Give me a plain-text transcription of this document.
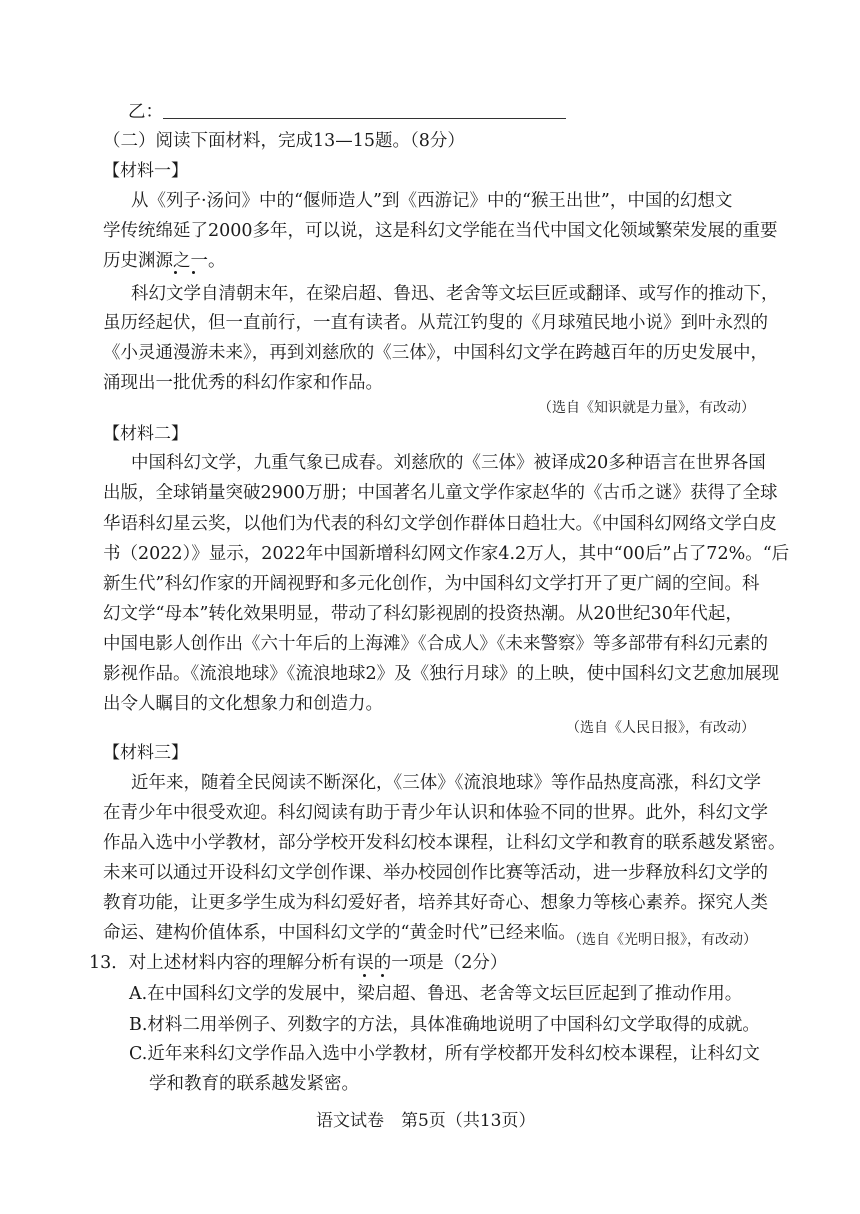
乙：
（二）阅读下面材料，完成13—15题。（8分）
【材料一】
从《列子·汤问》中的“偃师造人”到《西游记》中的“猴王出世”，中国的幻想文
学传统绵延了2000多年，可以说，这是科幻文学能在当代中国文化领域繁荣发展的重要
历史渊源之一。
科幻文学自清朝末年，在梁启超、鲁迅、老舍等文坛巨匠或翻译、或写作的推动下，
虽历经起伏，但一直前行，一直有读者。从荒江钓叟的《月球殖民地小说》到叶永烈的
《小灵通漫游未来》，再到刘慈欣的《三体》，中国科幻文学在跨越百年的历史发展中，
涌现出一批优秀的科幻作家和作品。
（选自《知识就是力量》，有改动）
【材料二】
中国科幻文学，九重气象已成春。刘慈欣的《三体》被译成20多种语言在世界各国
出版，全球销量突破2900万册；中国著名儿童文学作家赵华的《古币之谜》获得了全球
华语科幻星云奖，以他们为代表的科幻文学创作群体日趋壮大。《中国科幻网络文学白皮
书（2022）》显示，2022年中国新增科幻网文作家4.2万人，其中“00后”占了72%。“后
新生代”科幻作家的开阔视野和多元化创作，为中国科幻文学打开了更广阔的空间。科
幻文学“母本”转化效果明显，带动了科幻影视剧的投资热潮。从20世纪30年代起，
中国电影人创作出《六十年后的上海滩》《合成人》《未来警察》等多部带有科幻元素的
影视作品。《流浪地球》《流浪地球2》及《独行月球》的上映，使中国科幻文艺愈加展现
出令人瞩目的文化想象力和创造力。
（选自《人民日报》，有改动）
【材料三】
近年来，随着全民阅读不断深化，《三体》《流浪地球》等作品热度高涨，科幻文学
在青少年中很受欢迎。科幻阅读有助于青少年认识和体验不同的世界。此外，科幻文学
作品入选中小学教材，部分学校开发科幻校本课程，让科幻文学和教育的联系越发紧密。
未来可以通过开设科幻文学创作课、举办校园创作比赛等活动，进一步释放科幻文学的
教育功能，让更多学生成为科幻爱好者，培养其好奇心、想象力等核心素养。探究人类
命运、建构价值体系，中国科幻文学的“黄金时代”已经来临。
（选自《光明日报》，有改动）
13．对上述材料内容的理解分析有误的一项是（2分）
A.在中国科幻文学的发展中，梁启超、鲁迅、老舍等文坛巨匠起到了推动作用。
B.材料二用举例子、列数字的方法，具体准确地说明了中国科幻文学取得的成就。
C.近年来科幻文学作品入选中小学教材，所有学校都开发科幻校本课程，让科幻文
学和教育的联系越发紧密。
语文试卷　第5页（共13页）
